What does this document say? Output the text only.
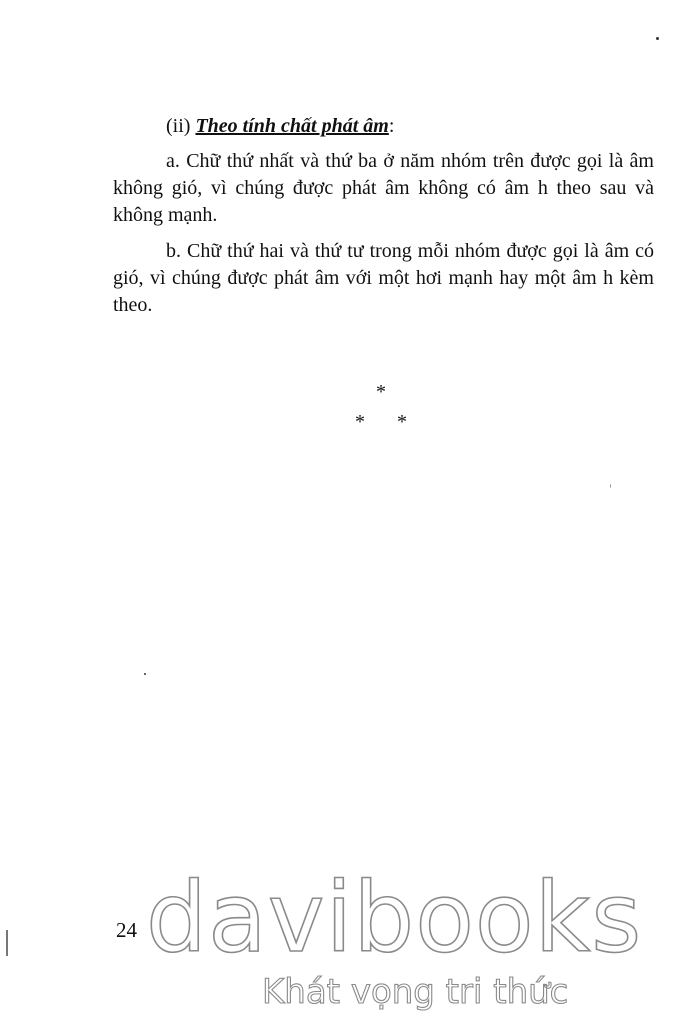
(ii) Theo tính chất phát âm:

a. Chữ thứ nhất và thứ ba ở năm nhóm trên được gọi là âm không gió, vì chúng được phát âm không có âm h theo sau và không mạnh.

b. Chữ thứ hai và thứ tư trong mỗi nhóm được gọi là âm có gió, vì chúng được phát âm với một hơi mạnh hay một âm h kèm theo.

*
* *
24 davibooks
Khát vọng tri thức
